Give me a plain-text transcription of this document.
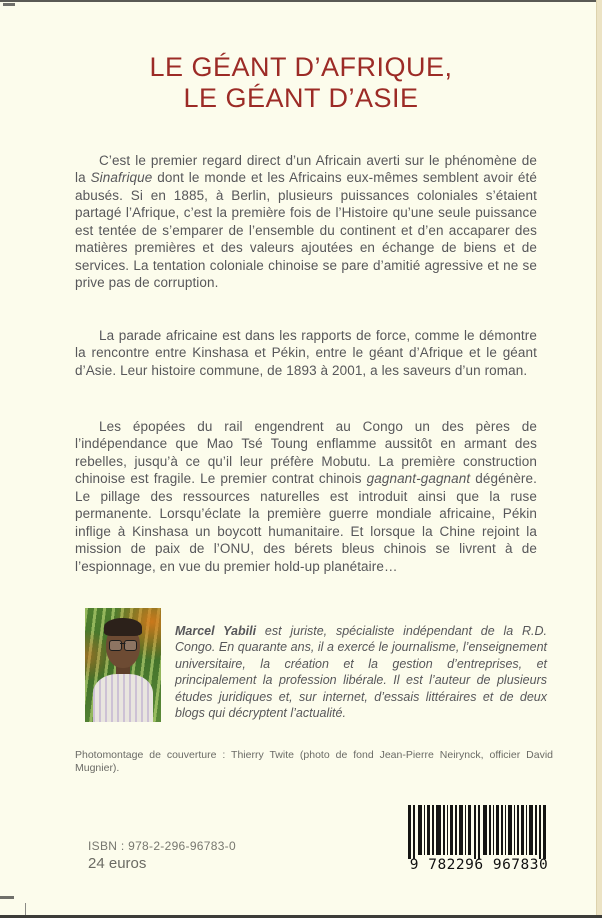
LE GÉANT D’AFRIQUE,
LE GÉANT D’ASIE

C’est le premier regard direct d’un Africain averti sur le phénomène de la Sinafrique dont le monde et les Africains eux-mêmes semblent avoir été abusés. Si en 1885, à Berlin, plusieurs puissances coloniales s’étaient partagé l’Afrique, c’est la première fois de l’Histoire qu’une seule puissance est tentée de s’emparer de l’ensemble du continent et d’en accaparer des matières premières et des valeurs ajoutées en échange de biens et de services. La tentation coloniale chinoise se pare d’amitié agressive et ne se prive pas de corruption.

La parade africaine est dans les rapports de force, comme le démontre la rencontre entre Kinshasa et Pékin, entre le géant d’Afrique et le géant d’Asie. Leur histoire commune, de 1893 à 2001, a les saveurs d’un roman.

Les épopées du rail engendrent au Congo un des pères de l’indépendance que Mao Tsé Toung enflamme aussitôt en armant des rebelles, jusqu’à ce qu’il leur préfère Mobutu. La première construction chinoise est fragile. Le premier contrat chinois gagnant-gagnant dégénère. Le pillage des ressources naturelles est introduit ainsi que la ruse permanente. Lorsqu’éclate la première guerre mondiale africaine, Pékin inflige à Kinshasa un boycott humanitaire. Et lorsque la Chine rejoint la mission de paix de l’ONU, des bérets bleus chinois se livrent à de l’espionnage, en vue du premier hold-up planétaire…

Marcel Yabili est juriste, spécialiste indépendant de la R.D. Congo. En quarante ans, il a exercé le journalisme, l’enseignement universitaire, la création et la gestion d’entreprises, et principalement la profession libérale. Il est l’auteur de plusieurs études juridiques et, sur internet, d’essais littéraires et de deux blogs qui décryptent l’actualité.

Photomontage de couverture : Thierry Twite (photo de fond Jean-Pierre Neirynck, officier David Mugnier).

ISBN : 978-2-296-96783-0
24 euros	9 782296 967830
